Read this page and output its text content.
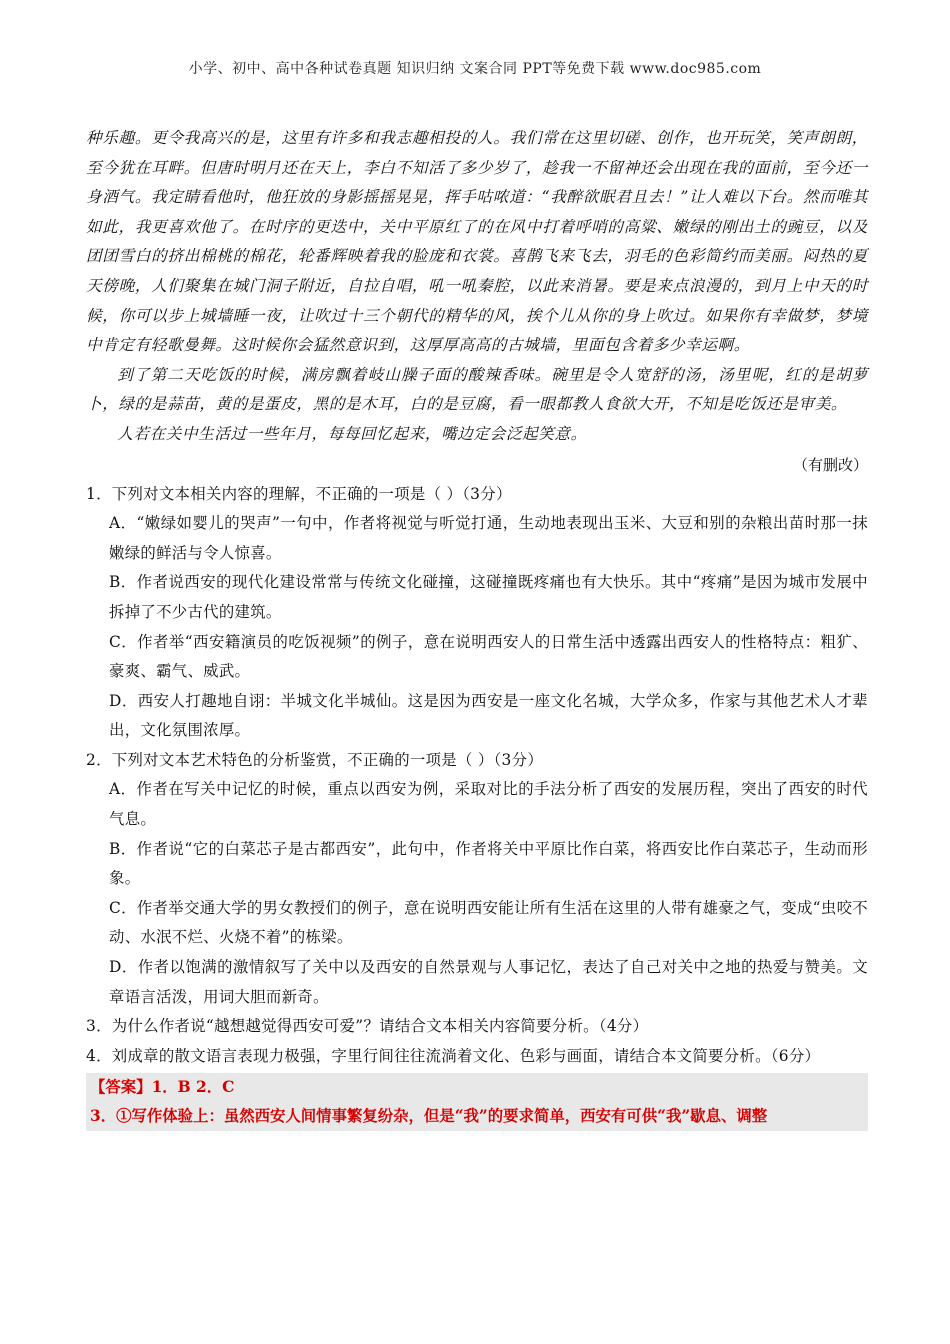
小学、初中、高中各种试卷真题 知识归纳 文案合同 PPT等免费下载 www.doc985.com

种乐趣。更令我高兴的是，这里有许多和我志趣相投的人。我们常在这里切磋、创作，也开玩笑，笑声朗朗，至今犹在耳畔。但唐时明月还在天上，李白不知活了多少岁了，趁我一不留神还会出现在我的面前，至今还一身酒气。我定睛看他时，他狂放的身影摇摇晃晃，挥手咕哝道：“我醉欲眠君且去！”让人难以下台。然而唯其如此，我更喜欢他了。在时序的更迭中，关中平原红了的在风中打着呼哨的高粱、嫩绿的刚出土的豌豆，以及团团雪白的挤出棉桃的棉花，轮番辉映着我的脸庞和衣裳。喜鹊飞来飞去，羽毛的色彩简约而美丽。闷热的夏天傍晚，人们聚集在城门洞子附近，自拉自唱，吼一吼秦腔，以此来消暑。要是来点浪漫的，到月上中天的时候，你可以步上城墙睡一夜，让吹过十三个朝代的精华的风，挨个儿从你的身上吹过。如果你有幸做梦，梦境中肯定有轻歌曼舞。这时候你会猛然意识到，这厚厚高高的古城墙，里面包含着多少幸运啊。

到了第二天吃饭的时候，满房飘着岐山臊子面的酸辣香味。碗里是令人宽舒的汤，汤里呢，红的是胡萝卜，绿的是蒜苗，黄的是蛋皮，黑的是木耳，白的是豆腐，看一眼都教人食欲大开，不知是吃饭还是审美。

人若在关中生活过一些年月，每每回忆起来，嘴边定会泛起笑意。

（有删改）
1．下列对文本相关内容的理解，不正确的一项是（ ）（3分）
A．“嫩绿如婴儿的哭声”一句中，作者将视觉与听觉打通，生动地表现出玉米、大豆和别的杂粮出苗时那一抹嫩绿的鲜活与令人惊喜。
B．作者说西安的现代化建设常常与传统文化碰撞，这碰撞既疼痛也有大快乐。其中“疼痛”是因为城市发展中拆掉了不少古代的建筑。
C．作者举“西安籍演员的吃饭视频”的例子，意在说明西安人的日常生活中透露出西安人的性格特点：粗犷、豪爽、霸气、威武。
D．西安人打趣地自诩：半城文化半城仙。这是因为西安是一座文化名城，大学众多，作家与其他艺术人才辈出，文化氛围浓厚。
2．下列对文本艺术特色的分析鉴赏，不正确的一项是（ ）（3分）
A．作者在写关中记忆的时候，重点以西安为例，采取对比的手法分析了西安的发展历程，突出了西安的时代气息。
B．作者说“它的白菜芯子是古都西安”，此句中，作者将关中平原比作白菜，将西安比作白菜芯子，生动而形象。
C．作者举交通大学的男女教授们的例子，意在说明西安能让所有生活在这里的人带有雄豪之气，变成“虫咬不动、水泯不烂、火烧不着”的栋梁。
D．作者以饱满的激情叙写了关中以及西安的自然景观与人事记忆，表达了自己对关中之地的热爱与赞美。文章语言活泼，用词大胆而新奇。
3．为什么作者说“越想越觉得西安可爱”？请结合文本相关内容简要分析。（4分）
4．刘成章的散文语言表现力极强，字里行间往往流淌着文化、色彩与画面，请结合本文简要分析。（6分）
【答案】1．B 2．C
3．①写作体验上：虽然西安人间情事繁复纷杂，但是“我”的要求简单，西安有可供“我”歇息、调整
